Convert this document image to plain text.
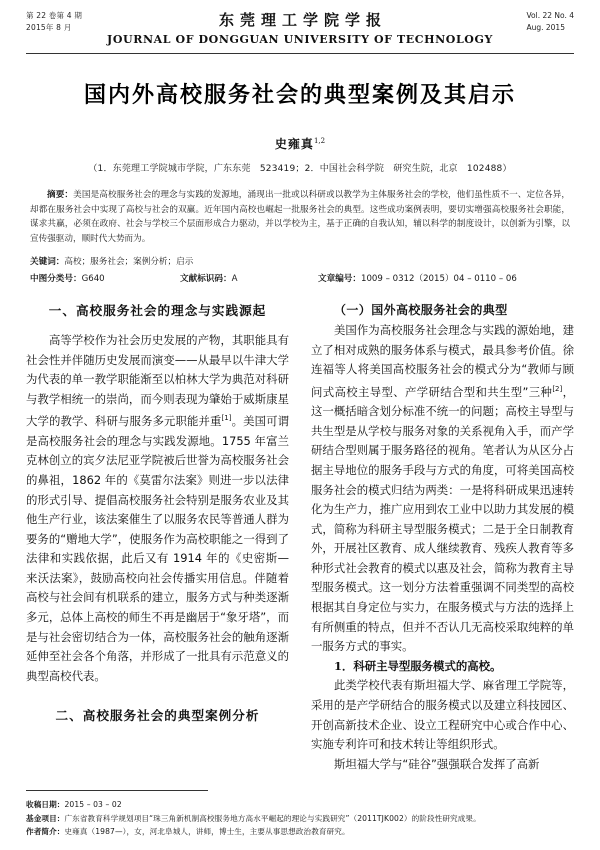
第 22 卷第 4 期
2015年 8 月
Vol. 22 No. 4
Aug. 2015
东莞理工学院学报
JOURNAL OF DONGGUAN UNIVERSITY OF TECHNOLOGY
国内外高校服务社会的典型案例及其启示
史雍真$^{1,2}$
（1．东莞理工学院城市学院，广东东莞　523419；2．中国社会科学院　研究生院，北京　102488）

摘要：美国是高校服务社会的理念与实践的发源地，涌现出一批或以科研或以教学为主体服务社会的学校，他们虽性质不一、定位各异，却都在服务社会中实现了高校与社会的双赢。近年国内高校也崛起一批服务社会的典型。这些成功案例表明，要切实增强高校服务社会职能，谋求共赢，必须在政府、社会与学校三个层面形成合力驱动，并以学校为主，基于正确的自我认知，辅以科学的制度设计，以创新为引擎，以宣传强驱动，顺时代大势而为。

关键词：高校；服务社会；案例分析；启示
中图分类号：G640	文献标识码：A	文章编号：1009 – 0312（2015）04 – 0110 – 06
一、高校服务社会的理念与实践源起

高等学校作为社会历史发展的产物，其职能具有社会性并伴随历史发展而演变——从最早以牛津大学为代表的单一教学职能渐至以柏林大学为典范对科研与教学相统一的崇尚，而今则表现为肇始于威斯康星大学的教学、科研与服务多元职能并重[1]。美国可谓是高校服务社会的理念与实践发源地。1755 年富兰克林创立的宾夕法尼亚学院被后世誉为高校服务社会的鼻祖，1862 年的《莫雷尔法案》则进一步以法律的形式引导、提倡高校服务社会特别是服务农业及其他生产行业，该法案催生了以服务农民等普通人群为要务的“赠地大学”，使服务作为高校职能之一得到了法律和实践依据，此后又有 1914 年的《史密斯—来沃法案》，鼓励高校向社会传播实用信息。伴随着高校与社会间有机联系的建立，服务方式与种类逐渐多元，总体上高校的师生不再是幽居于“象牙塔”，而是与社会密切结合为一体，高校服务社会的触角逐渐延伸至社会各个角落，并形成了一批具有示范意义的典型高校代表。

二、高校服务社会的典型案例分析
（一）国外高校服务社会的典型

美国作为高校服务社会理念与实践的源始地，建立了相对成熟的服务体系与模式，最具参考价值。徐连福等人将美国高校服务社会的模式分为“教师与顾问式高校主导型、产学研结合型和共生型”三种[2]，这一概括暗含划分标准不统一的问题；高校主导型与共生型是从学校与服务对象的关系视角入手，而产学研结合型则属于服务路径的视角。笔者认为从区分占据主导地位的服务手段与方式的角度，可将美国高校服务社会的模式归结为两类：一是将科研成果迅速转化为生产力，推广应用到农工业中以助力其发展的模式，简称为科研主导型服务模式；二是于全日制教育外，开展社区教育、成人继续教育、残疾人教育等多种形式社会教育的模式以惠及社会，简称为教育主导型服务模式。这一划分方法着重强调不同类型的高校根据其自身定位与实力，在服务模式与方法的选择上有所侧重的特点，但并不否认几无高校采取纯粹的单一服务方式的事实。

1．科研主导型服务模式的高校。

此类学校代表有斯坦福大学、麻省理工学院等，采用的是产学研结合的服务模式以及建立科技园区、开创高新技术企业、设立工程研究中心或合作中心、实施专利许可和技术转让等组织形式。

斯坦福大学与“硅谷”强强联合发挥了高新

收稿日期：2015 – 03 – 02
基金项目：广东省教育科学规划项目“珠三角新机制高校服务地方高水平崛起的理论与实践研究”（2011TJK002）的阶段性研究成果。
作者简介：史雍真（1987—），女，河北阜城人，讲师，博士生，主要从事思想政治教育研究。
